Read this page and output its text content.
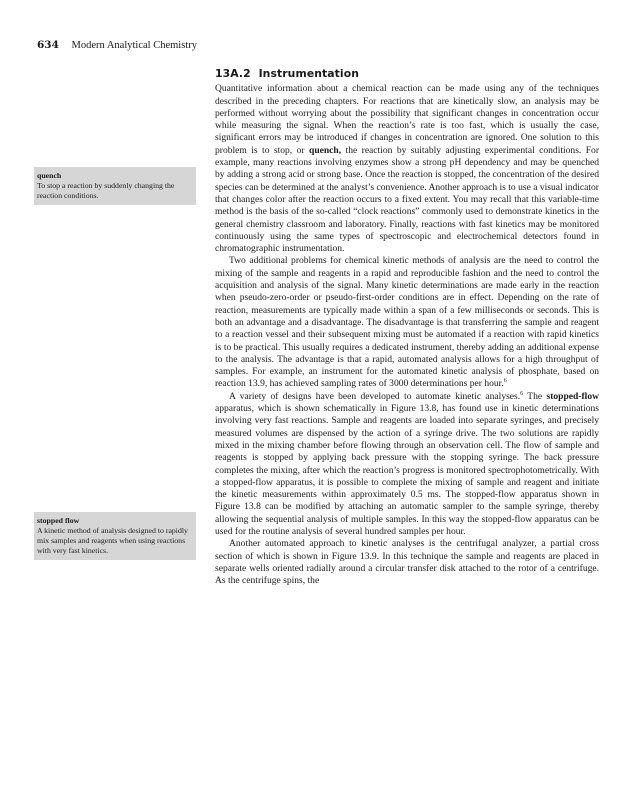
634 Modern Analytical Chemistry
quench
To stop a reaction by suddenly changing the reaction conditions.
stopped flow
A kinetic method of analysis designed to rapidly mix samples and reagents when using reactions with very fast kinetics.
13A.2 Instrumentation

Quantitative information about a chemical reaction can be made using any of the techniques described in the preceding chapters. For reactions that are kinetically slow, an analysis may be performed without worrying about the possibility that significant changes in concentration occur while measuring the signal. When the reaction’s rate is too fast, which is usually the case, significant errors may be introduced if changes in concentration are ignored. One solution to this problem is to stop, or quench, the reaction by suitably adjusting experimental conditions. For example, many reactions involving enzymes show a strong pH dependency and may be quenched by adding a strong acid or strong base. Once the reaction is stopped, the concentration of the desired species can be determined at the analyst’s convenience. Another approach is to use a visual indicator that changes color after the reaction occurs to a fixed extent. You may recall that this variable-time method is the basis of the so-called “clock reactions” commonly used to demonstrate kinetics in the general chemistry classroom and laboratory. Finally, reactions with fast kinetics may be monitored continuously using the same types of spectroscopic and electrochemical detectors found in chromatographic instrumentation.

Two additional problems for chemical kinetic methods of analysis are the need to control the mixing of the sample and reagents in a rapid and reproducible fashion and the need to control the acquisition and analysis of the signal. Many kinetic determinations are made early in the reaction when pseudo-zero-order or pseudo-first-order conditions are in effect. Depending on the rate of reaction, measurements are typically made within a span of a few milliseconds or seconds. This is both an advantage and a disadvantage. The disadvantage is that transferring the sample and reagent to a reaction vessel and their subsequent mixing must be automated if a reaction with rapid kinetics is to be practical. This usually requires a dedicated instrument, thereby adding an additional expense to the analysis. The advantage is that a rapid, automated analysis allows for a high throughput of samples. For example, an instrument for the automated kinetic analysis of phosphate, based on reaction 13.9, has achieved sampling rates of 3000 determinations per hour.$^6$

A variety of designs have been developed to automate kinetic analyses.$^6$ The stopped-flow apparatus, which is shown schematically in Figure 13.8, has found use in kinetic determinations involving very fast reactions. Sample and reagents are loaded into separate syringes, and precisely measured volumes are dispensed by the action of a syringe drive. The two solutions are rapidly mixed in the mixing chamber before flowing through an observation cell. The flow of sample and reagents is stopped by applying back pressure with the stopping syringe. The back pressure completes the mixing, after which the reaction’s progress is monitored spectrophotometrically. With a stopped-flow apparatus, it is possible to complete the mixing of sample and reagent and initiate the kinetic measurements within approximately 0.5 ms. The stopped-flow apparatus shown in Figure 13.8 can be modified by attaching an automatic sampler to the sample syringe, thereby allowing the sequential analysis of multiple samples. In this way the stopped-flow apparatus can be used for the routine analysis of several hundred samples per hour.

Another automated approach to kinetic analyses is the centrifugal analyzer, a partial cross section of which is shown in Figure 13.9. In this technique the sample and reagents are placed in separate wells oriented radially around a circular transfer disk attached to the rotor of a centrifuge. As the centrifuge spins, the
